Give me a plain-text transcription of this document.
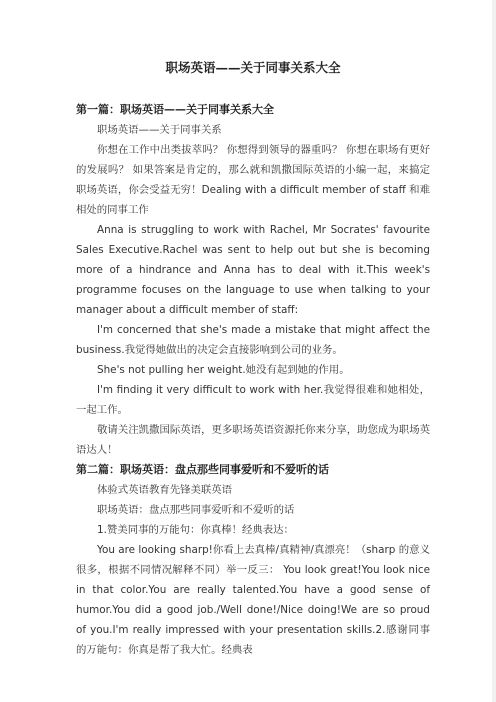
职场英语——关于同事关系大全
第一篇：职场英语——关于同事关系大全

职场英语——关于同事关系

你想在工作中出类拔萃吗？ 你想得到领导的器重吗？ 你想在职场有更好的发展吗？ 如果答案是肯定的，那么就和凯撒国际英语的小编一起，来搞定职场英语，你会受益无穷！Dealing with a difficult member of staff 和难相处的同事工作

Anna is struggling to work with Rachel, Mr Socrates' favourite Sales Executive.Rachel was sent to help out but she is becoming more of a hindrance and Anna has to deal with it.This week's programme focuses on the language to use when talking to your manager about a difficult member of staff:

I'm concerned that she's made a mistake that might affect the business.我觉得她做出的决定会直接影响到公司的业务。

She's not pulling her weight.她没有起到她的作用。

I'm finding it very difficult to work with her.我觉得很难和她相处，一起工作。

敬请关注凯撒国际英语，更多职场英语资源托你来分享，助您成为职场英语达人！

第二篇：职场英语：盘点那些同事爱听和不爱听的话

体验式英语教育先锋美联英语

职场英语：盘点那些同事爱听和不爱听的话

1.赞美同事的万能句：你真棒！经典表达：

You are looking sharp!你看上去真棒/真精神/真漂亮！（sharp 的意义很多，根据不同情况解释不同）举一反三： You look great!You look nice in that color.You are really talented.You have a good sense of humor.You did a good job./Well done!/Nice doing!We are so proud of you.I'm really impressed with your presentation skills.2.感谢同事的万能句：你真是帮了我大忙。经典表
